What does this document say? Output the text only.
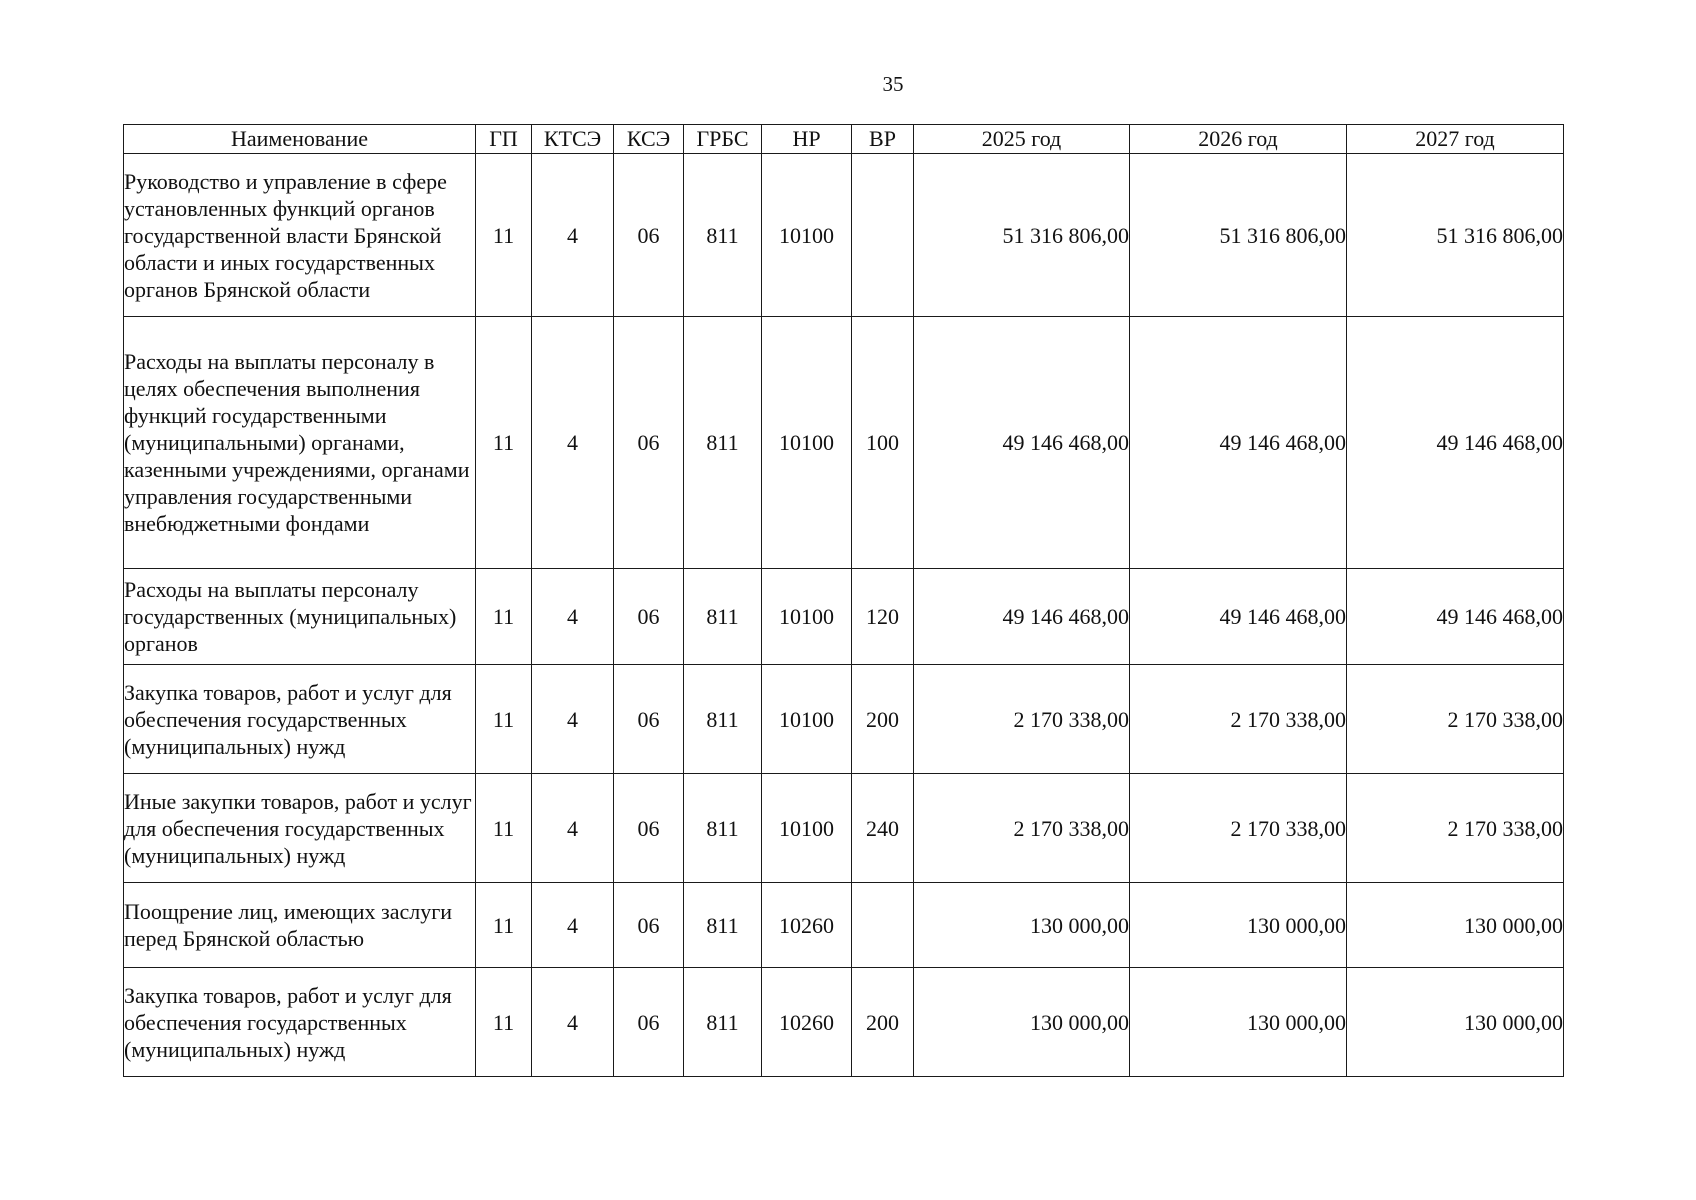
35
Наименование	ГП	КТСЭ	КСЭ	ГРБС	НР	ВР	2025 год	2026 год	2027 год
Руководство и управление в сфере установленных функций органов государственной власти Брянской области и иных государственных органов Брянской области	11	4	06	811	10100		51 316 806,00	51 316 806,00	51 316 806,00
Расходы на выплаты персоналу в целях обеспечения выполнения функций государственными (муниципальными) органами, казенными учреждениями, органами управления государственными внебюджетными фондами	11	4	06	811	10100	100	49 146 468,00	49 146 468,00	49 146 468,00
Расходы на выплаты персоналу государственных (муниципальных) органов	11	4	06	811	10100	120	49 146 468,00	49 146 468,00	49 146 468,00
Закупка товаров, работ и услуг для обеспечения государственных (муниципальных) нужд	11	4	06	811	10100	200	2 170 338,00	2 170 338,00	2 170 338,00
Иные закупки товаров, работ и услуг для обеспечения государственных (муниципальных) нужд	11	4	06	811	10100	240	2 170 338,00	2 170 338,00	2 170 338,00
Поощрение лиц, имеющих заслуги перед Брянской областью	11	4	06	811	10260		130 000,00	130 000,00	130 000,00
Закупка товаров, работ и услуг для обеспечения государственных (муниципальных) нужд	11	4	06	811	10260	200	130 000,00	130 000,00	130 000,00
